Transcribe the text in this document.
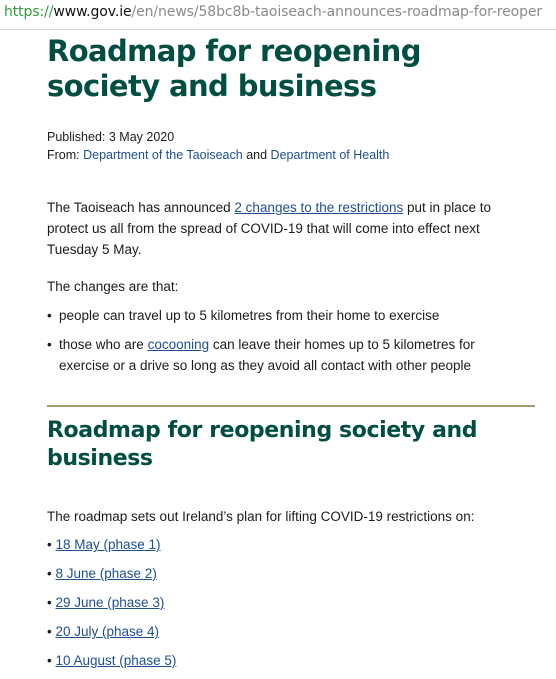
https://www.gov.ie/en/news/58bc8b-taoiseach-announces-roadmap-for-reoper
Roadmap for reopening society and business
Published: 3 May 2020
From: Department of the Taoiseach and Department of Health

The Taoiseach has announced 2 changes to the restrictions put in place to protect us all from the spread of COVID-19 that will come into effect next Tuesday 5 May.

The changes are that:

• people can travel up to 5 kilometres from their home to exercise
• those who are cocooning can leave their homes up to 5 kilometres for exercise or a drive so long as they avoid all contact with other people
Roadmap for reopening society and business

The roadmap sets out Ireland’s plan for lifting COVID-19 restrictions on:

• 18 May (phase 1)
• 8 June (phase 2)
• 29 June (phase 3)
• 20 July (phase 4)
• 10 August (phase 5)
